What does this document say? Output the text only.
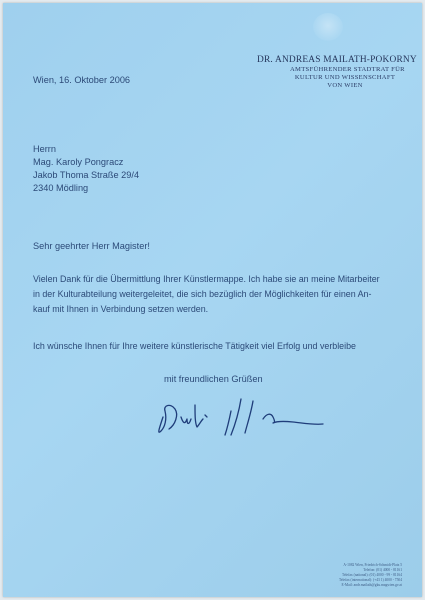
DR. ANDREAS MAILATH-POKORNY
AMTSFÜHRENDER STADTRAT FÜR
KULTUR UND WISSENSCHAFT
VON WIEN
Wien, 16. Oktober 2006
Herrn
Mag. Karoly Pongracz
Jakob Thoma Straße 29/4
2340 Mödling
Sehr geehrter Herr Magister!
Vielen Dank für die Übermittlung Ihrer Künstlermappe. Ich habe sie an meine Mitarbeiter
in der Kulturabteilung weitergeleitet, die sich bezüglich der Möglichkeiten für einen An-
kauf mit Ihnen in Verbindung setzen werden.
Ich wünsche Ihnen für Ihre weitere künstlerische Tätigkeit viel Erfolg und verbleibe
mit freundlichen Grüßen
A-1082 Wien, Friedrich-Schmidt-Platz 5
Telefon: (01) 4000 - 81161
Telefax (national): (01) 4000 - 99 - 81164
Telefax (international): (+43 1) 4000 - 7504
E-Mail: andr.mailath@gku.magwien.gv.at
